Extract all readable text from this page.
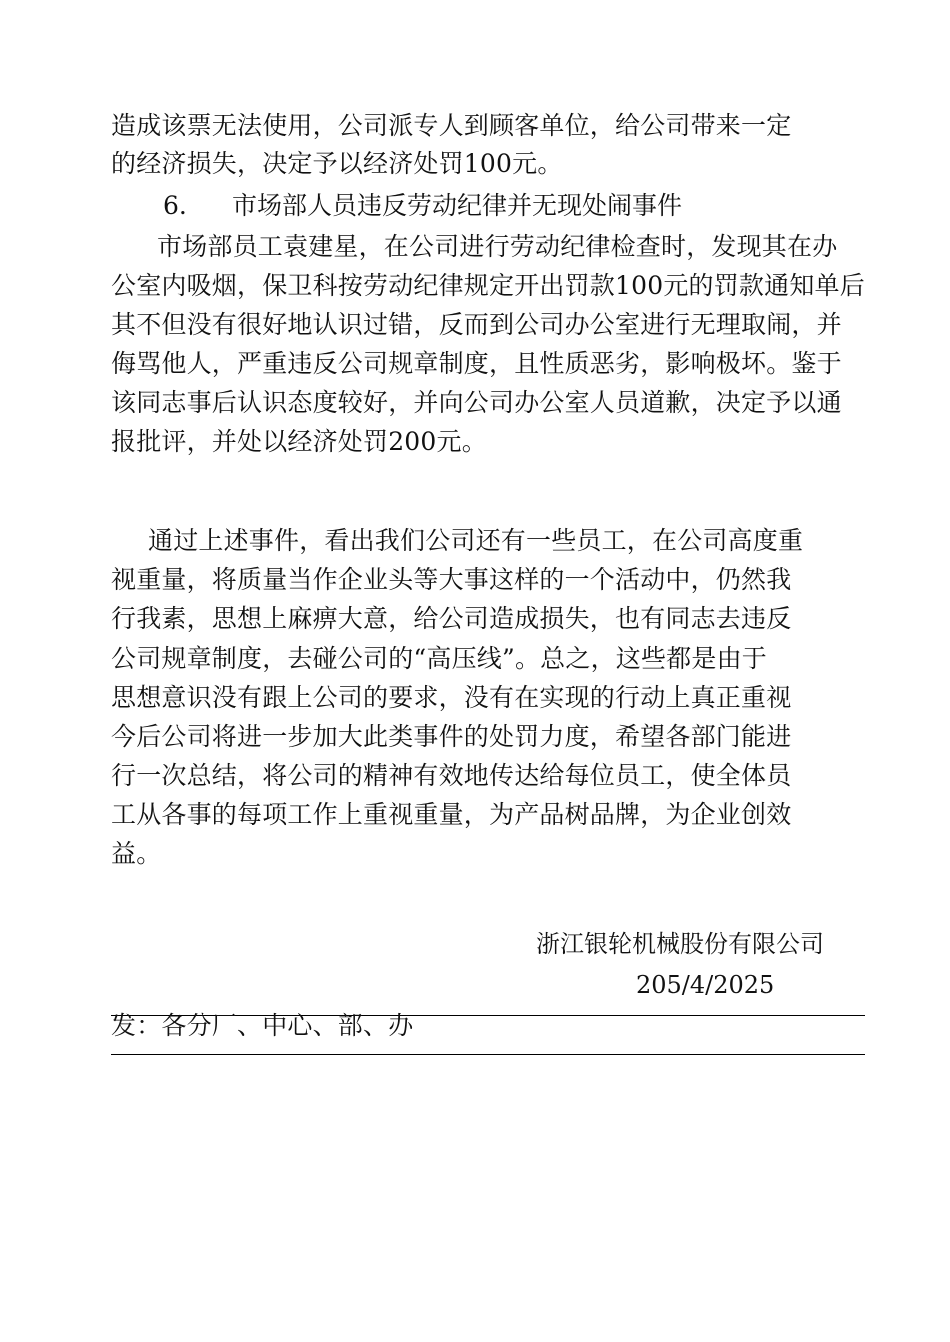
造成该票无法使用，公司派专人到顾客单位，给公司带来一定
的经济损失，决定予以经济处罚100元。
6. 市场部人员违反劳动纪律并无现处闹事件
市场部员工袁建星，在公司进行劳动纪律检查时，发现其在办
公室内吸烟，保卫科按劳动纪律规定开出罚款100元的罚款通知单后
其不但没有很好地认识过错，反而到公司办公室进行无理取闹，并
侮骂他人，严重违反公司规章制度，且性质恶劣，影响极坏。鉴于
该同志事后认识态度较好，并向公司办公室人员道歉，决定予以通
报批评，并处以经济处罚200元。
通过上述事件，看出我们公司还有一些员工，在公司高度重
视重量，将质量当作企业头等大事这样的一个活动中，仍然我
行我素，思想上麻痹大意，给公司造成损失，也有同志去违反
公司规章制度，去碰公司的“高压线”。总之，这些都是由于
思想意识没有跟上公司的要求，没有在实现的行动上真正重视
今后公司将进一步加大此类事件的处罚力度，希望各部门能进
行一次总结，将公司的精神有效地传达给每位员工，使全体员
工从各事的每项工作上重视重量，为产品树品牌，为企业创效
益。
浙江银轮机械股份有限公司
205/4/2025
发：各分厂、中心、部、办
